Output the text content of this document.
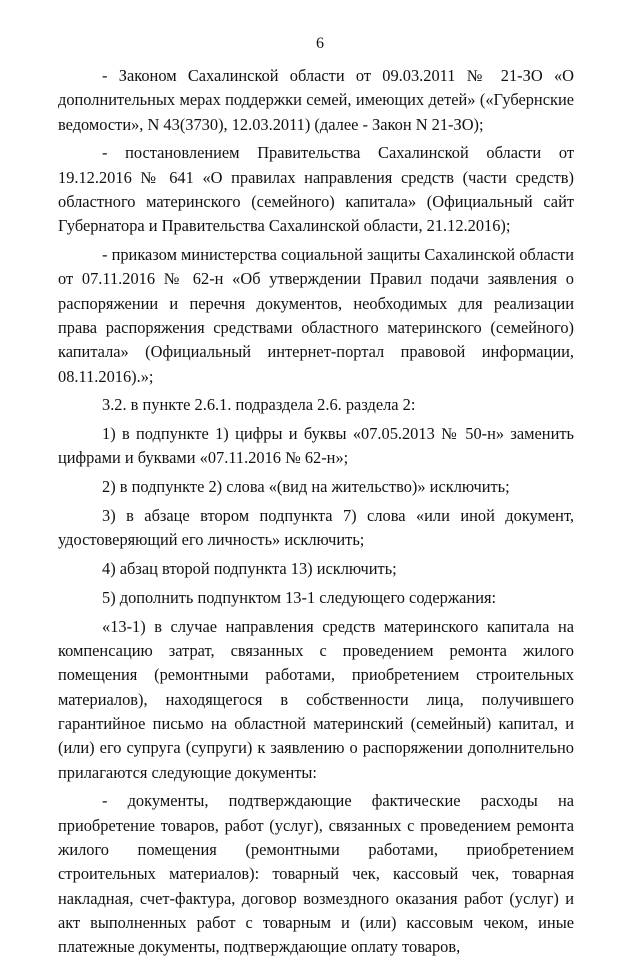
6

- Законом Сахалинской области от 09.03.2011 № 21-ЗО «О дополнительных мерах поддержки семей, имеющих детей» («Губернские ведомости», N 43(3730), 12.03.2011) (далее - Закон N 21-ЗО);

- постановлением Правительства Сахалинской области от 19.12.2016 № 641 «О правилах направления средств (части средств) областного материнского (семейного) капитала» (Официальный сайт Губернатора и Правительства Сахалинской области, 21.12.2016);

- приказом министерства социальной защиты Сахалинской области от 07.11.2016 № 62-н «Об утверждении Правил подачи заявления о распоряжении и перечня документов, необходимых для реализации права распоряжения средствами областного материнского (семейного) капитала» (Официальный интернет-портал правовой информации, 08.11.2016).»;

3.2. в пункте 2.6.1. подраздела 2.6. раздела 2:

1) в подпункте 1) цифры и буквы «07.05.2013 № 50-н» заменить цифрами и буквами «07.11.2016 № 62-н»;

2) в подпункте 2) слова «(вид на жительство)» исключить;

3) в абзаце втором подпункта 7) слова «или иной документ, удостоверяющий его личность» исключить;

4) абзац второй подпункта 13) исключить;

5) дополнить подпунктом 13-1 следующего содержания:

«13-1) в случае направления средств материнского капитала на компенсацию затрат, связанных с проведением ремонта жилого помещения (ремонтными работами, приобретением строительных материалов), находящегося в собственности лица, получившего гарантийное письмо на областной материнский (семейный) капитал, и (или) его супруга (супруги) к заявлению о распоряжении дополнительно прилагаются следующие документы:

- документы, подтверждающие фактические расходы на приобретение товаров, работ (услуг), связанных с проведением ремонта жилого помещения (ремонтными работами, приобретением строительных материалов): товарный чек, кассовый чек, товарная накладная, счет-фактура, договор возмездного оказания работ (услуг) и акт выполненных работ с товарным и (или) кассовым чеком, иные платежные документы, подтверждающие оплату товаров,
